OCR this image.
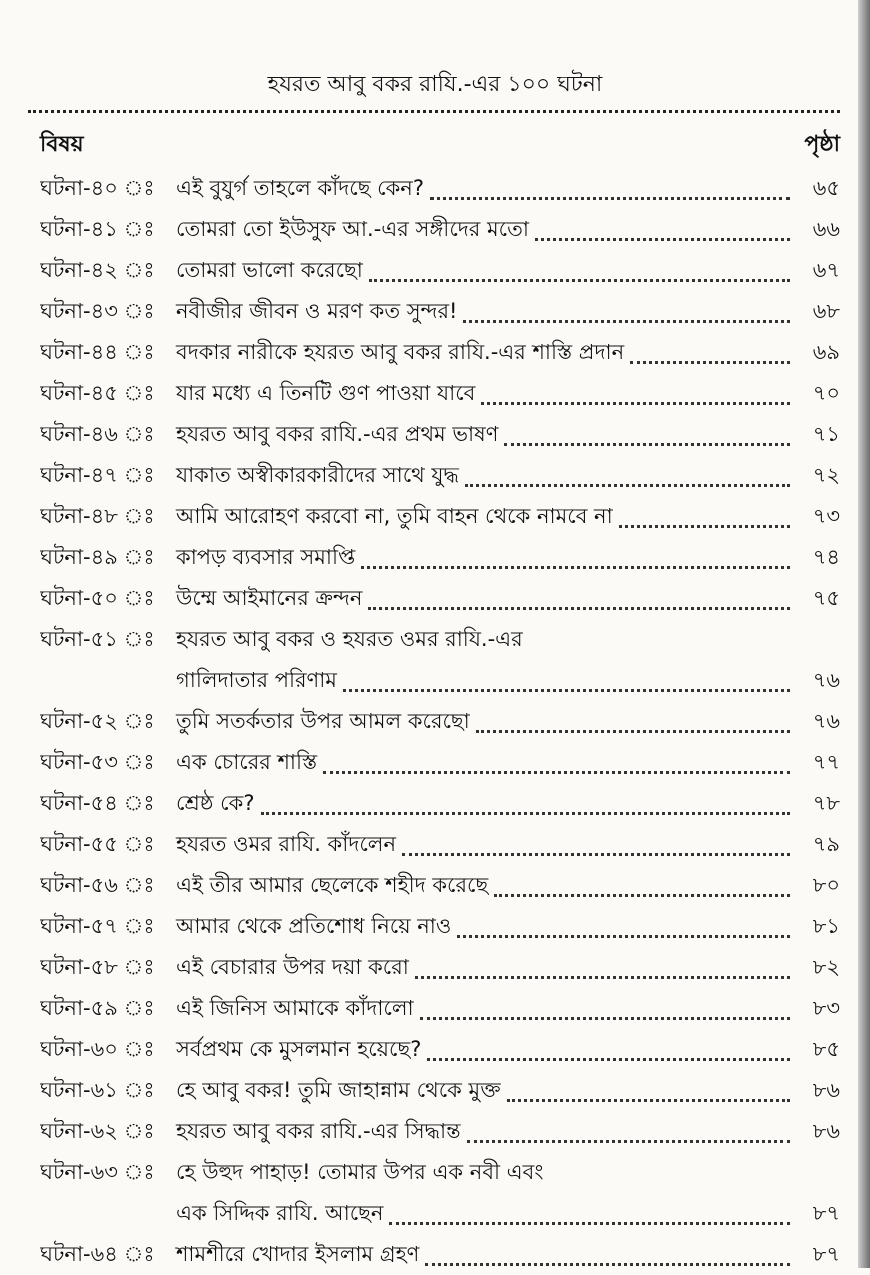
হযরত আবু বকর রাযি.-এর ১০০ ঘটনা
বিষয়	পৃষ্ঠা
ঘটনা-৪০ ঃ	এই বুযুর্গ তাহলে কাঁদছে কেন?	৬৫
ঘটনা-৪১ ঃ	তোমরা তো ইউসুফ আ.-এর সঙ্গীদের মতো	৬৬
ঘটনা-৪২ ঃ	তোমরা ভালো করেছো	৬৭
ঘটনা-৪৩ ঃ	নবীজীর জীবন ও মরণ কত সুন্দর!	৬৮
ঘটনা-৪৪ ঃ	বদকার নারীকে হযরত আবু বকর রাযি.-এর শাস্তি প্রদান	৬৯
ঘটনা-৪৫ ঃ	যার মধ্যে এ তিনটি গুণ পাওয়া যাবে	৭০
ঘটনা-৪৬ ঃ	হযরত আবু বকর রাযি.-এর প্রথম ভাষণ	৭১
ঘটনা-৪৭ ঃ	যাকাত অস্বীকারকারীদের সাথে যুদ্ধ	৭২
ঘটনা-৪৮ ঃ	আমি আরোহণ করবো না, তুমি বাহন থেকে নামবে না	৭৩
ঘটনা-৪৯ ঃ	কাপড় ব্যবসার সমাপ্তি	৭৪
ঘটনা-৫০ ঃ	উম্মে আইমানের ক্রন্দন	৭৫
ঘটনা-৫১ ঃ	হযরত আবু বকর ও হযরত ওমর রাযি.-এর
গালিদাতার পরিণাম	৭৬
ঘটনা-৫২ ঃ	তুমি সতর্কতার উপর আমল করেছো	৭৬
ঘটনা-৫৩ ঃ	এক চোরের শাস্তি	৭৭
ঘটনা-৫৪ ঃ	শ্রেষ্ঠ কে?	৭৮
ঘটনা-৫৫ ঃ	হযরত ওমর রাযি. কাঁদলেন	৭৯
ঘটনা-৫৬ ঃ	এই তীর আমার ছেলেকে শহীদ করেছে	৮০
ঘটনা-৫৭ ঃ	আমার থেকে প্রতিশোধ নিয়ে নাও	৮১
ঘটনা-৫৮ ঃ	এই বেচারার উপর দয়া করো	৮২
ঘটনা-৫৯ ঃ	এই জিনিস আমাকে কাঁদালো	৮৩
ঘটনা-৬০ ঃ	সর্বপ্রথম কে মুসলমান হয়েছে?	৮৫
ঘটনা-৬১ ঃ	হে আবু বকর! তুমি জাহান্নাম থেকে মুক্ত	৮৬
ঘটনা-৬২ ঃ	হযরত আবু বকর রাযি.-এর সিদ্ধান্ত	৮৬
ঘটনা-৬৩ ঃ	হে উহুদ পাহাড়! তোমার উপর এক নবী এবং
এক সিদ্দিক রাযি. আছেন	৮৭
ঘটনা-৬৪ ঃ	শামশীরে খোদার ইসলাম গ্রহণ	৮৭
